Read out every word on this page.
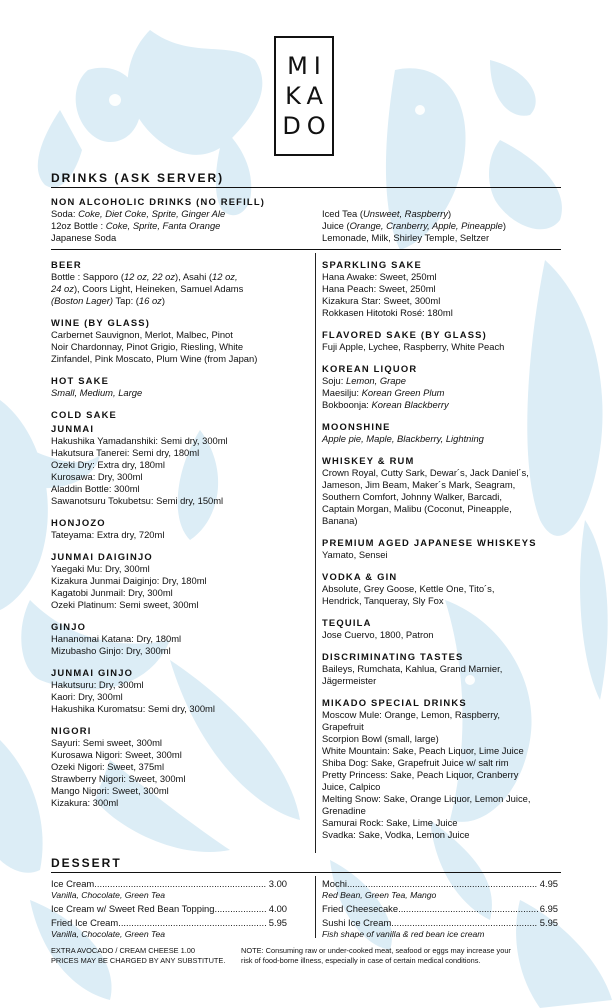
MI
KA
DO
DRINKS (ASK SERVER)
NON ALCOHOLIC DRINKS (NO REFILL)
Soda: Coke, Diet Coke, Sprite, Ginger Ale
12oz Bottle : Coke, Sprite, Fanta Orange
Japanese Soda
Iced Tea (Unsweet, Raspberry)
Juice (Orange, Cranberry, Apple, Pineapple)
Lemonade, Milk, Shirley Temple, Seltzer
BEER
Bottle : Sapporo (12 oz, 22 oz), Asahi (12 oz,
24 oz), Coors Light, Heineken, Samuel Adams
(Boston Lager) Tap: (16 oz)
WINE (BY GLASS)
Carbernet Sauvignon, Merlot, Malbec, Pinot
Noir Chardonnay, Pinot Grigio, Riesling, White
Zinfandel, Pink Moscato, Plum Wine (from Japan)
HOT SAKE
Small, Medium, Large
COLD SAKE
JUNMAI
Hakushika Yamadanshiki: Semi dry, 300ml
Hakutsura Tanerei: Semi dry, 180ml
Ozeki Dry: Extra dry, 180ml
Kurosawa: Dry, 300ml
Aladdin Bottle: 300ml
Sawanotsuru Tokubetsu: Semi dry, 150ml
HONJOZO
Tateyama: Extra dry, 720ml
JUNMAI DAIGINJO
Yaegaki Mu: Dry, 300ml
Kizakura Junmai Daiginjo: Dry, 180ml
Kagatobi Junmail: Dry, 300ml
Ozeki Platinum: Semi sweet, 300ml
GINJO
Hananomai Katana: Dry, 180ml
Mizubasho Ginjo: Dry, 300ml
JUNMAI GINJO
Hakutsuru: Dry, 300ml
Kaori: Dry, 300ml
Hakushika Kuromatsu: Semi dry, 300ml
NIGORI
Sayuri: Semi sweet, 300ml
Kurosawa Nigori: Sweet, 300ml
Ozeki Nigori: Sweet, 375ml
Strawberry Nigori: Sweet, 300ml
Mango Nigori: Sweet, 300ml
Kizakura: 300ml
SPARKLING SAKE
Hana Awake: Sweet, 250ml
Hana Peach: Sweet, 250ml
Kizakura Star: Sweet, 300ml
Rokkasen Hitotoki Rosé: 180ml
FLAVORED SAKE (BY GLASS)
Fuji Apple, Lychee, Raspberry, White Peach
KOREAN LIQUOR
Soju: Lemon, Grape
Maesilju: Korean Green Plum
Bokboonja: Korean Blackberry
MOONSHINE
Apple pie, Maple, Blackberry, Lightning
WHISKEY & RUM
Crown Royal, Cutty Sark, Dewar´s, Jack Daniel´s,
Jameson, Jim Beam, Maker´s Mark, Seagram,
Southern Comfort, Johnny Walker, Barcadi,
Captain Morgan, Malibu (Coconut, Pineapple,
Banana)
PREMIUM AGED JAPANESE WHISKEYS
Yamato, Sensei
VODKA & GIN
Absolute, Grey Goose, Kettle One, Tito´s,
Hendrick, Tanqueray, Sly Fox
TEQUILA
Jose Cuervo, 1800, Patron
DISCRIMINATING TASTES
Baileys, Rumchata, Kahlua, Grand Marnier,
Jägermeister
MIKADO SPECIAL DRINKS
Moscow Mule: Orange, Lemon, Raspberry,
Grapefruit
Scorpion Bowl (small, large)
White Mountain: Sake, Peach Liquor, Lime Juice
Shiba Dog: Sake, Grapefruit Juice w/ salt rim
Pretty Princess: Sake, Peach Liquor, Cranberry
Juice, Calpico
Melting Snow: Sake, Orange Liquor, Lemon Juice,
Grenadine
Samurai Rock: Sake, Lime Juice
Svadka: Sake, Vodka, Lemon Juice
DESSERT
Ice Cream .....	3.00
Vanilla, Chocolate, Green Tea
Ice Cream w/ Sweet Red Bean Topping .....	4.00
Fried Ice Cream .....	5.95
Vanilla, Chocolate, Green Tea
Mochi .....	4.95
Red Bean, Green Tea, Mango
Fried Cheesecake .....	6.95
Sushi Ice Cream .....	5.95
Fish shape of vanilla & red bean ice cream
EXTRA AVOCADO / CREAM CHEESE 1.00
PRICES MAY BE CHARGED BY ANY SUBSTITUTE.
NOTE: Consuming raw or under-cooked meat, seafood or eggs may increase your
risk of food-borne illness, especially in case of certain medical conditions.
